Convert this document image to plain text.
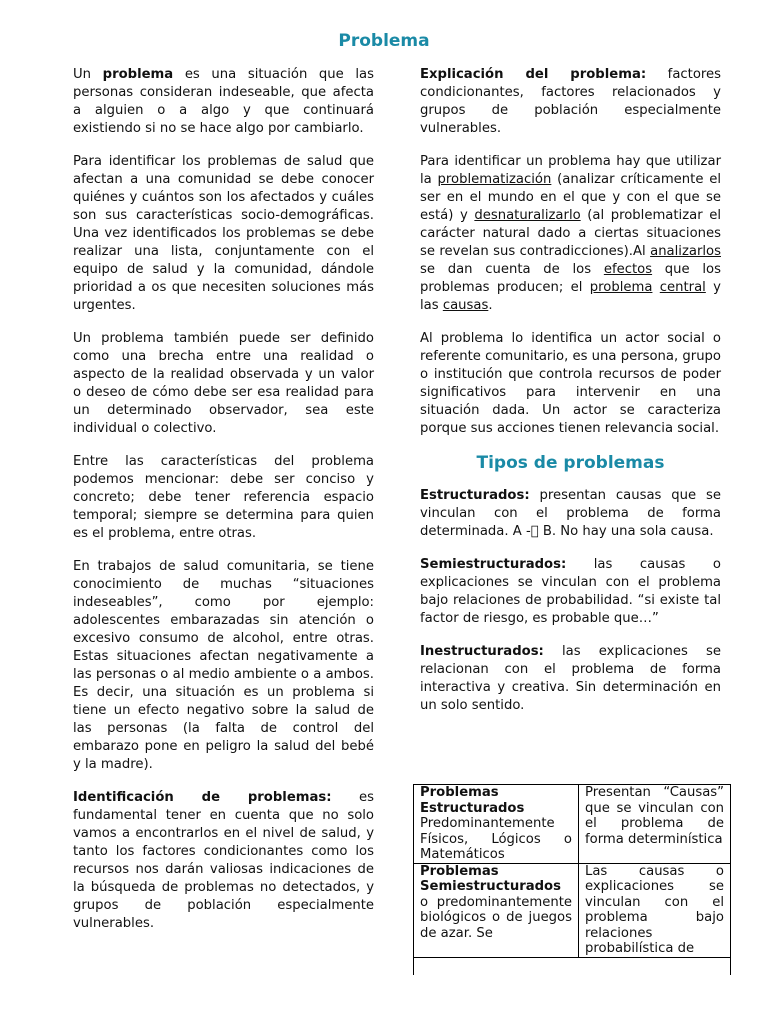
Problema

Un problema es una situación que las personas consideran indeseable, que afecta a alguien o a algo y que continuará existiendo si no se hace algo por cambiarlo.

Para identificar los problemas de salud que afectan a una comunidad se debe conocer quiénes y cuántos son los afectados y cuáles son sus características socio-demográficas. Una vez identificados los problemas se debe realizar una lista, conjuntamente con el equipo de salud y la comunidad, dándole prioridad a os que necesiten soluciones más urgentes.

Un problema también puede ser definido como una brecha entre una realidad o aspecto de la realidad observada y un valor o deseo de cómo debe ser esa realidad para un determinado observador, sea este individual o colectivo.

Entre las características del problema podemos mencionar: debe ser conciso y concreto; debe tener referencia espacio temporal; siempre se determina para quien es el problema, entre otras.

En trabajos de salud comunitaria, se tiene conocimiento de muchas “situaciones indeseables”, como por ejemplo: adolescentes embarazadas sin atención o excesivo consumo de alcohol, entre otras. Estas situaciones afectan negativamente a las personas o al medio ambiente o a ambos. Es decir, una situación es un problema si tiene un efecto negativo sobre la salud de las personas (la falta de control del embarazo pone en peligro la salud del bebé y la madre).

Identificación de problemas: es fundamental tener en cuenta que no solo vamos a encontrarlos en el nivel de salud, y tanto los factores condicionantes como los recursos nos darán valiosas indicaciones de la búsqueda de problemas no detectados, y grupos de población especialmente vulnerables.

Explicación del problema: factores condicionantes, factores relacionados y grupos de población especialmente vulnerables.

Para identificar un problema hay que utilizar la problematización (analizar críticamente el ser en el mundo en el que y con el que se está) y desnaturalizarlo (al problematizar el carácter natural dado a ciertas situaciones se revelan sus contradicciones).Al analizarlos se dan cuenta de los efectos que los problemas producen; el problema central y las causas.

Al problema lo identifica un actor social o referente comunitario, es una persona, grupo o institución que controla recursos de poder significativos para intervenir en una situación dada. Un actor se caracteriza porque sus acciones tienen relevancia social.

Tipos de problemas

Estructurados: presentan causas que se vinculan con el problema de forma determinada. A -  B. No hay una sola causa.

Semiestructurados: las causas o explicaciones se vinculan con el problema bajo relaciones de probabilidad. “si existe tal factor de riesgo, es probable que…”

Inestructurados: las explicaciones se relacionan con el problema de forma interactiva y creativa. Sin determinación en un solo sentido.

Problemas Estructurados
Predominantemente Físicos, Lógicos o Matemáticos	Presentan “Causas” que se vinculan con el problema de forma determinística
Problemas Semiestructurados
o predominantemente biológicos o de juegos de azar. Se	Las causas o explicaciones se vinculan con el problema bajo relaciones probabilística de
